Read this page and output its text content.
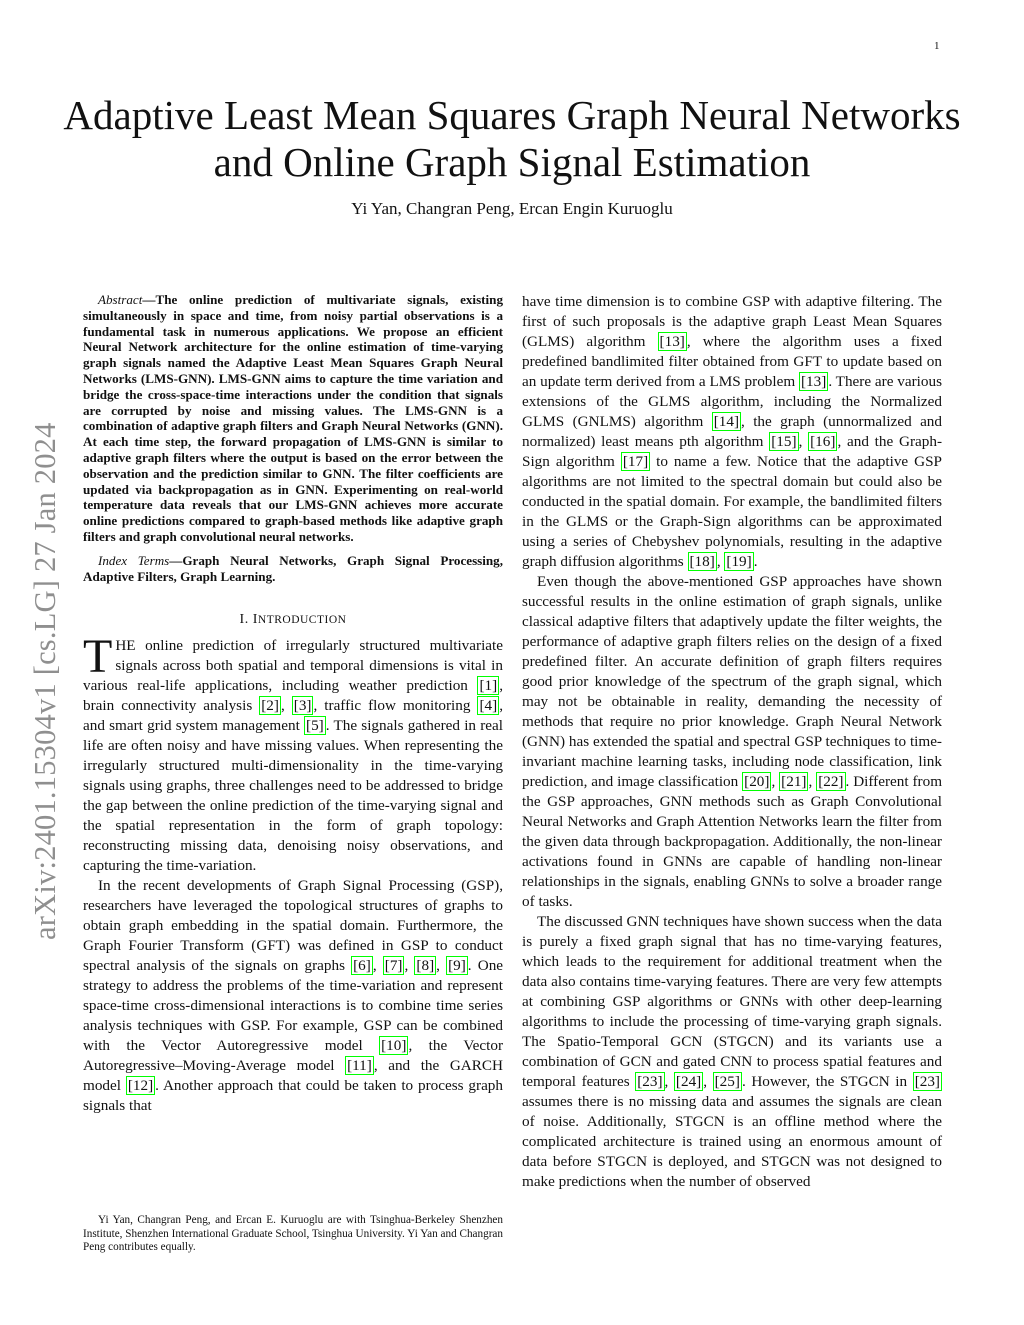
1
arXiv:2401.15304v1 [cs.LG] 27 Jan 2024
Adaptive Least Mean Squares Graph Neural Networks and Online Graph Signal Estimation
Yi Yan, Changran Peng, Ercan Engin Kuruoglu

Abstract—The online prediction of multivariate signals, existing simultaneously in space and time, from noisy partial observations is a fundamental task in numerous applications. We propose an efficient Neural Network architecture for the online estimation of time-varying graph signals named the Adaptive Least Mean Squares Graph Neural Networks (LMS-GNN). LMS-GNN aims to capture the time variation and bridge the cross-space-time interactions under the condition that signals are corrupted by noise and missing values. The LMS-GNN is a combination of adaptive graph filters and Graph Neural Networks (GNN). At each time step, the forward propagation of LMS-GNN is similar to adaptive graph filters where the output is based on the error between the observation and the prediction similar to GNN. The filter coefficients are updated via backpropagation as in GNN. Experimenting on real-world temperature data reveals that our LMS-GNN achieves more accurate online predictions compared to graph-based methods like adaptive graph filters and graph convolutional neural networks.

Index Terms—Graph Neural Networks, Graph Signal Processing, Adaptive Filters, Graph Learning.

I. INTRODUCTION

THE online prediction of irregularly structured multivariate signals across both spatial and temporal dimensions is vital in various real-life applications, including weather prediction [1] , brain connectivity analysis [2] , [3] , traffic flow monitoring [4] , and smart grid system management [5] . The signals gathered in real life are often noisy and have missing values. When representing the irregularly structured multi-dimensionality in the time-varying signals using graphs, three challenges need to be addressed to bridge the gap between the online prediction of the time-varying signal and the spatial representation in the form of graph topology: reconstructing missing data, denoising noisy observations, and capturing the time-variation.

In the recent developments of Graph Signal Processing (GSP), researchers have leveraged the topological structures of graphs to obtain graph embedding in the spatial domain. Furthermore, the Graph Fourier Transform (GFT) was defined in GSP to conduct spectral analysis of the signals on graphs [6] , [7] , [8] , [9] . One strategy to address the problems of the time-variation and represent space-time cross-dimensional interactions is to combine time series analysis techniques with GSP. For example, GSP can be combined with the Vector Autoregressive model [10] , the Vector Autoregressive–Moving-Average model [11] , and the GARCH model [12] . Another approach that could be taken to process graph signals that

Yi Yan, Changran Peng, and Ercan E. Kuruoglu are with Tsinghua-Berkeley Shenzhen Institute, Shenzhen International Graduate School, Tsinghua University. Yi Yan and Changran Peng contributes equally.

have time dimension is to combine GSP with adaptive filtering. The first of such proposals is the adaptive graph Least Mean Squares (GLMS) algorithm [13] , where the algorithm uses a fixed predefined bandlimited filter obtained from GFT to update based on an update term derived from a LMS problem [13] . There are various extensions of the GLMS algorithm, including the Normalized GLMS (GNLMS) algorithm [14] , the graph (unnormalized and normalized) least means pth algorithm [15] , [16] , and the Graph-Sign algorithm [17] to name a few. Notice that the adaptive GSP algorithms are not limited to the spectral domain but could also be conducted in the spatial domain. For example, the bandlimited filters in the GLMS or the Graph-Sign algorithms can be approximated using a series of Chebyshev polynomials, resulting in the adaptive graph diffusion algorithms [18] , [19] .

Even though the above-mentioned GSP approaches have shown successful results in the online estimation of graph signals, unlike classical adaptive filters that adaptively update the filter weights, the performance of adaptive graph filters relies on the design of a fixed predefined filter. An accurate definition of graph filters requires good prior knowledge of the spectrum of the graph signal, which may not be obtainable in reality, demanding the necessity of methods that require no prior knowledge. Graph Neural Network (GNN) has extended the spatial and spectral GSP techniques to time-invariant machine learning tasks, including node classification, link prediction, and image classification [20] , [21] , [22] . Different from the GSP approaches, GNN methods such as Graph Convolutional Neural Networks and Graph Attention Networks learn the filter from the given data through backpropagation. Additionally, the non-linear activations found in GNNs are capable of handling non-linear relationships in the signals, enabling GNNs to solve a broader range of tasks.

The discussed GNN techniques have shown success when the data is purely a fixed graph signal that has no time-varying features, which leads to the requirement for additional treatment when the data also contains time-varying features. There are very few attempts at combining GSP algorithms or GNNs with other deep-learning algorithms to include the processing of time-varying graph signals. The Spatio-Temporal GCN (STGCN) and its variants use a combination of GCN and gated CNN to process spatial features and temporal features [23] , [24] , [25] . However, the STGCN in [23] assumes there is no missing data and assumes the signals are clean of noise. Additionally, STGCN is an offline method where the complicated architecture is trained using an enormous amount of data before STGCN is deployed, and STGCN was not designed to make predictions when the number of observed
